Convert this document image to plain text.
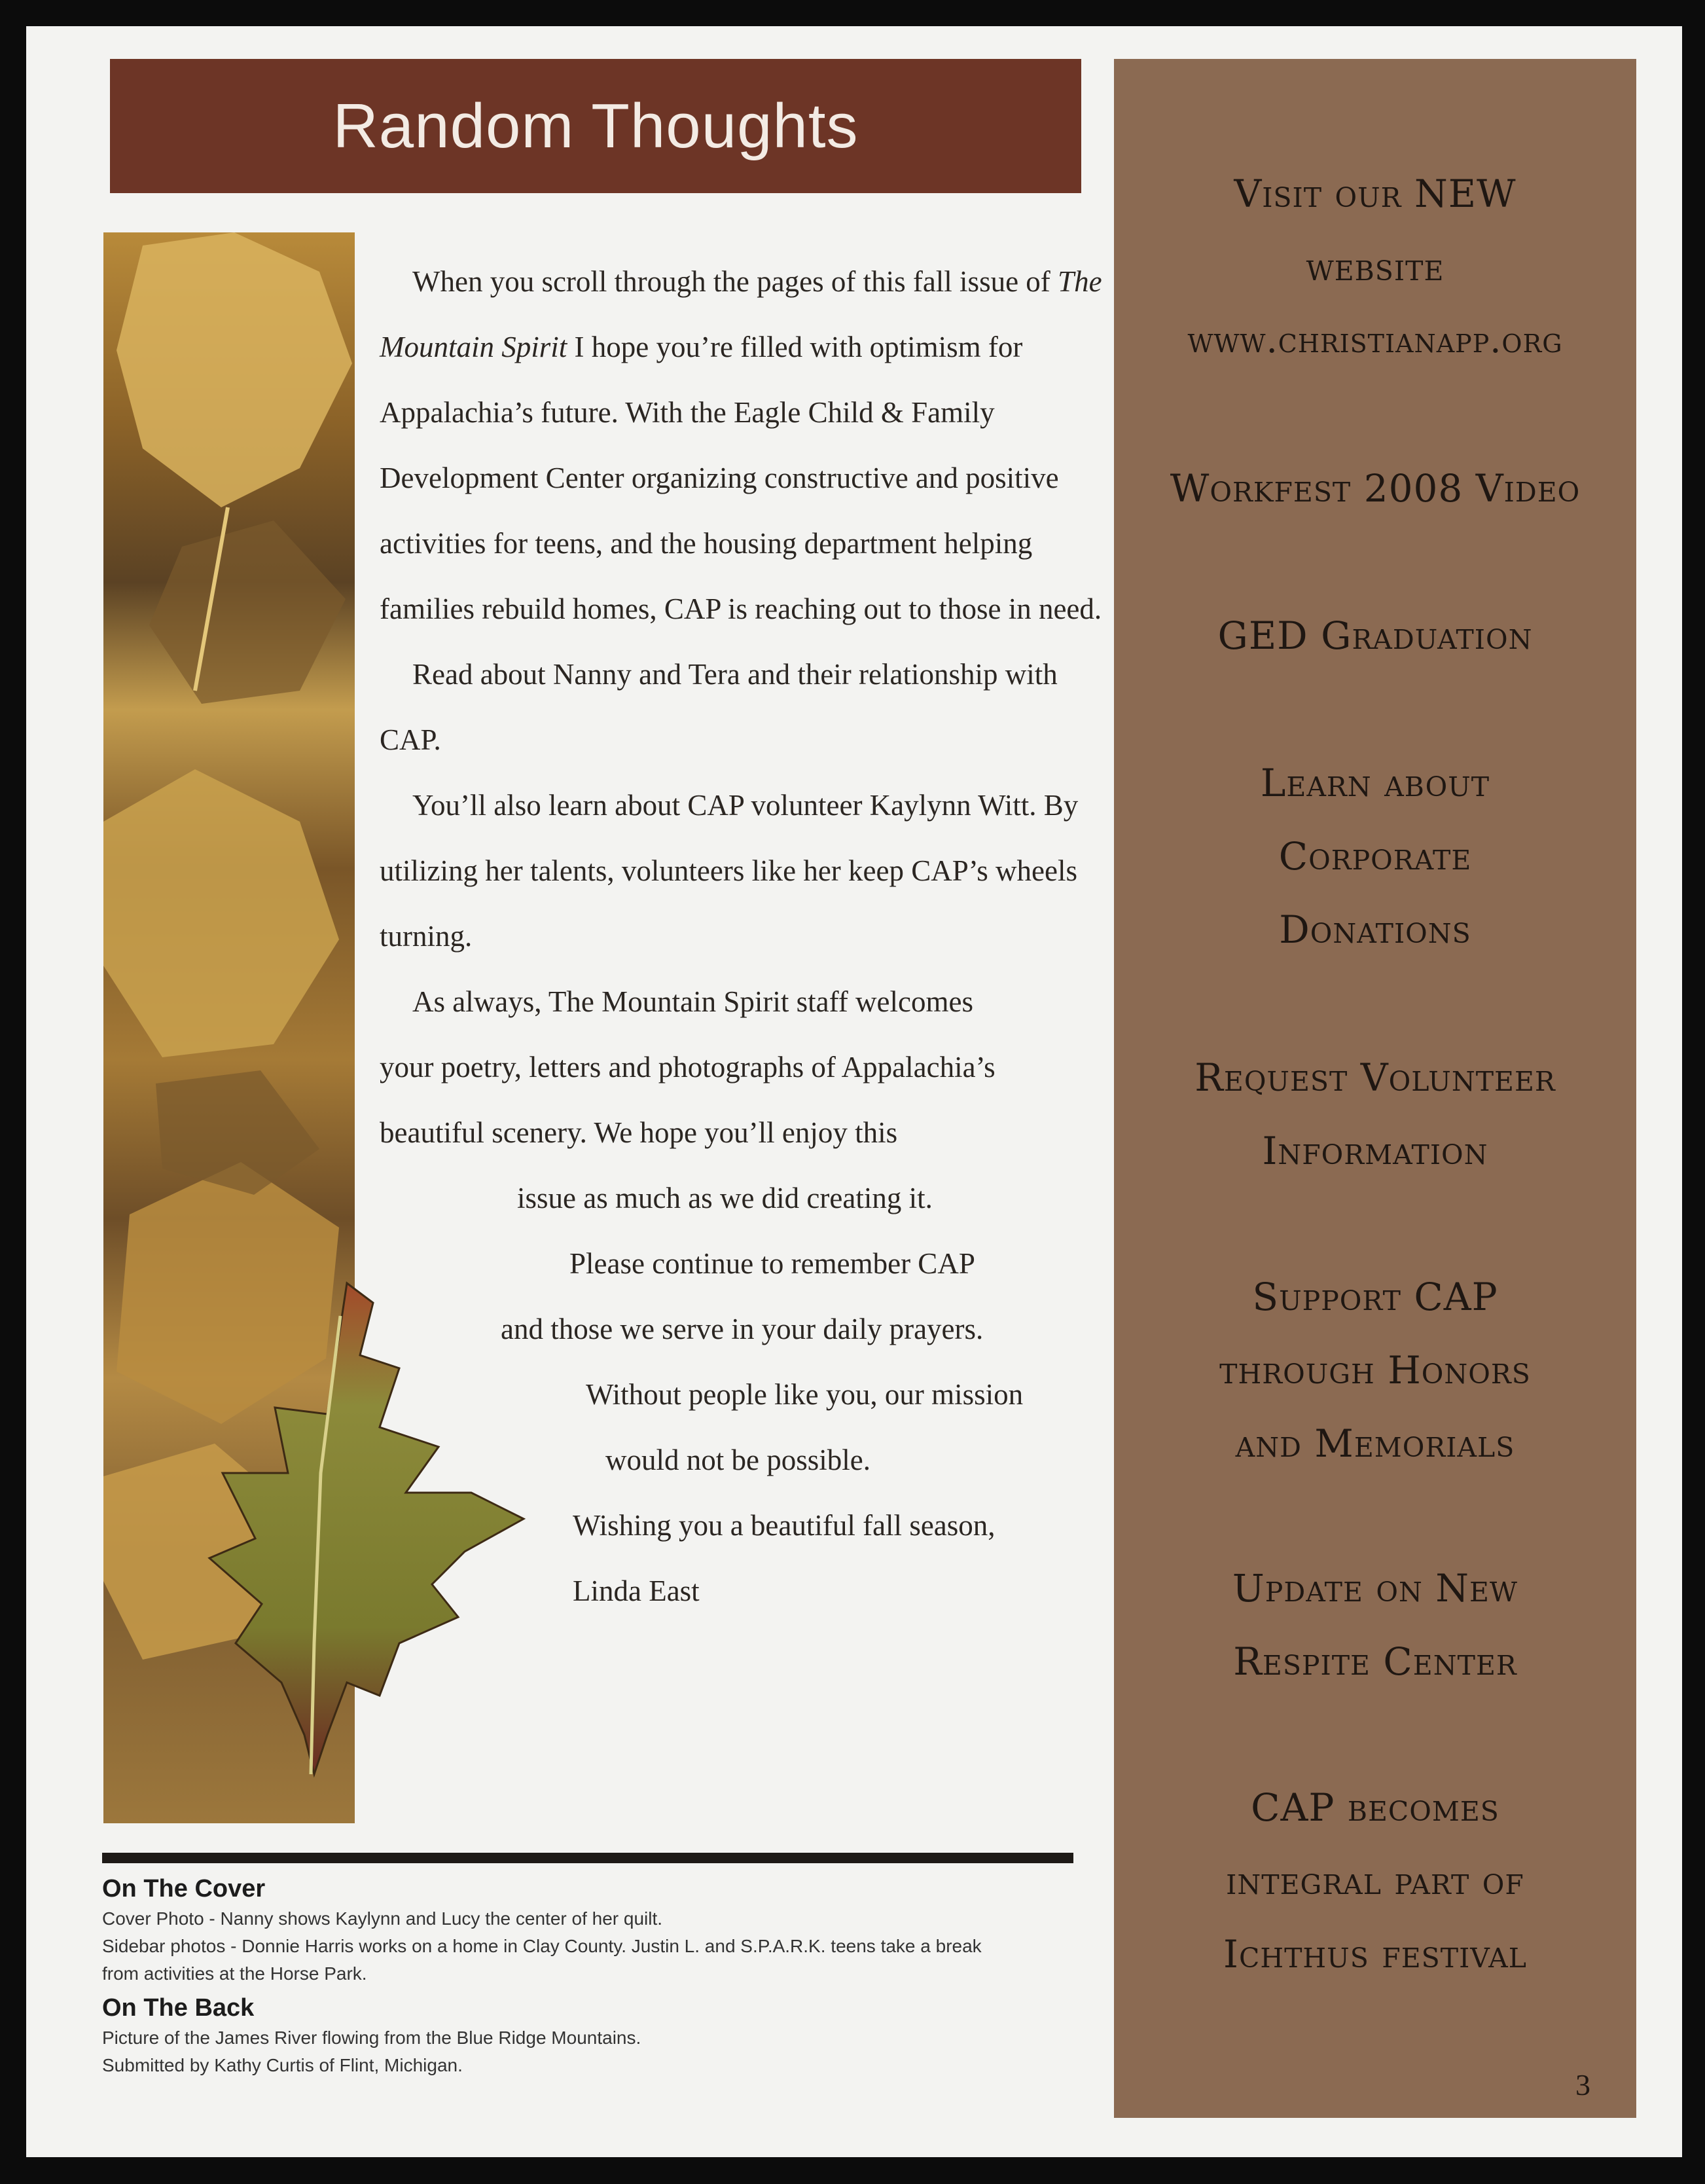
Random Thoughts

When you scroll through the pages of this fall issue of The Mountain Spirit I hope you’re filled with optimism for Appalachia’s future. With the Eagle Child & Family Development Center organizing constructive and positive activities for teens, and the housing department helping families rebuild homes, CAP is reaching out to those in need.

Read about Nanny and Tera and their relationship with CAP.

You’ll also learn about CAP volunteer Kaylynn Witt. By utilizing her talents, volunteers like her keep CAP’s wheels turning.

As always, The Mountain Spirit staff welcomes
your poetry, letters and photographs of Appalachia’s
beautiful scenery. We hope you’ll enjoy this
issue as much as we did creating it.
Please continue to remember CAP
and those we serve in your daily prayers.
Without people like you, our mission
would not be possible.
Wishing you a beautiful fall season,
Linda East
On The Cover

Cover Photo - Nanny shows Kaylynn and Lucy the center of her quilt.

Sidebar photos - Donnie Harris works on a home in Clay County. Justin L. and S.P.A.R.K. teens take a break

from activities at the Horse Park.

On The Back

Picture of the James River flowing from the Blue Ridge Mountains.

Submitted by Kathy Curtis of Flint, Michigan.

Visit our NEW
website
www.christianapp.org
Workfest 2008 Video
GED Graduation
Learn about
Corporate
Donations
Request Volunteer
Information
Support CAP
through Honors
and Memorials
Update on New
Respite Center
CAP becomes
integral part of
Ichthus festival
3
